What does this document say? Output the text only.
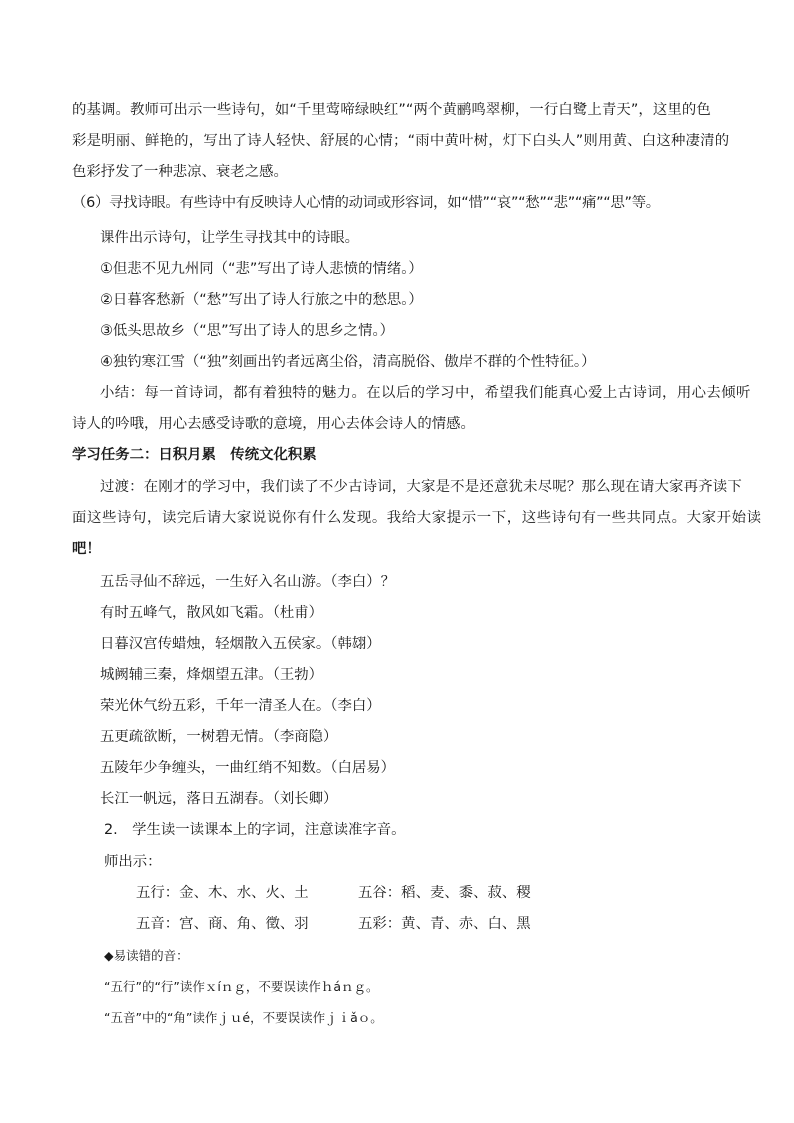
的基调。教师可出示一些诗句，如“千里莺啼绿映红”“两个黄鹂鸣翠柳，一行白鹭上青天”，这里的色
彩是明丽、鲜艳的，写出了诗人轻快、舒展的心情；“雨中黄叶树，灯下白头人”则用黄、白这种凄清的
色彩抒发了一种悲凉、衰老之感。
（6）寻找诗眼。有些诗中有反映诗人心情的动词或形容词，如“惜”“哀”“愁”“悲”“痛”“思”等。
课件出示诗句，让学生寻找其中的诗眼。
①但悲不见九州同（“悲”写出了诗人悲愤的情绪。）
②日暮客愁新（“愁”写出了诗人行旅之中的愁思。）
③低头思故乡（“思”写出了诗人的思乡之情。）
④独钓寒江雪（“独”刻画出钓者远离尘俗，清高脱俗、傲岸不群的个性特征。）
小结：每一首诗词，都有着独特的魅力。在以后的学习中，希望我们能真心爱上古诗词，用心去倾听
诗人的吟哦，用心去感受诗歌的意境，用心去体会诗人的情感。
学习任务二：日积月累　传统文化积累
过渡：在刚才的学习中，我们读了不少古诗词，大家是不是还意犹未尽呢？那么现在请大家再齐读下
面这些诗句，读完后请大家说说你有什么发现。我给大家提示一下，这些诗句有一些共同点。大家开始读
吧！
五岳寻仙不辞远，一生好入名山游。（李白）？
有时五峰气，散风如飞霜。（杜甫）
日暮汉宫传蜡烛，轻烟散入五侯家。（韩翃）
城阙辅三秦，烽烟望五津。（王勃）
荣光休气纷五彩，千年一清圣人在。（李白）
五更疏欲断，一树碧无情。（李商隐）
五陵年少争缠头，一曲红绡不知数。（白居易）
长江一帆远，落日五湖春。（刘长卿）
2.　学生读一读课本上的字词，注意读准字音。
师出示：
五行：金、木、水、火、土	五谷：稻、麦、黍、菽、稷
五音：宫、商、角、徵、羽	五彩：黄、青、赤、白、黑
◆易读错的音：
“五行”的“行”读作ｘíｎｇ，不要误读作ｈáｎｇ。
“五音”中的“角”读作ｊｕé，不要误读作ｊｉǎｏ。
